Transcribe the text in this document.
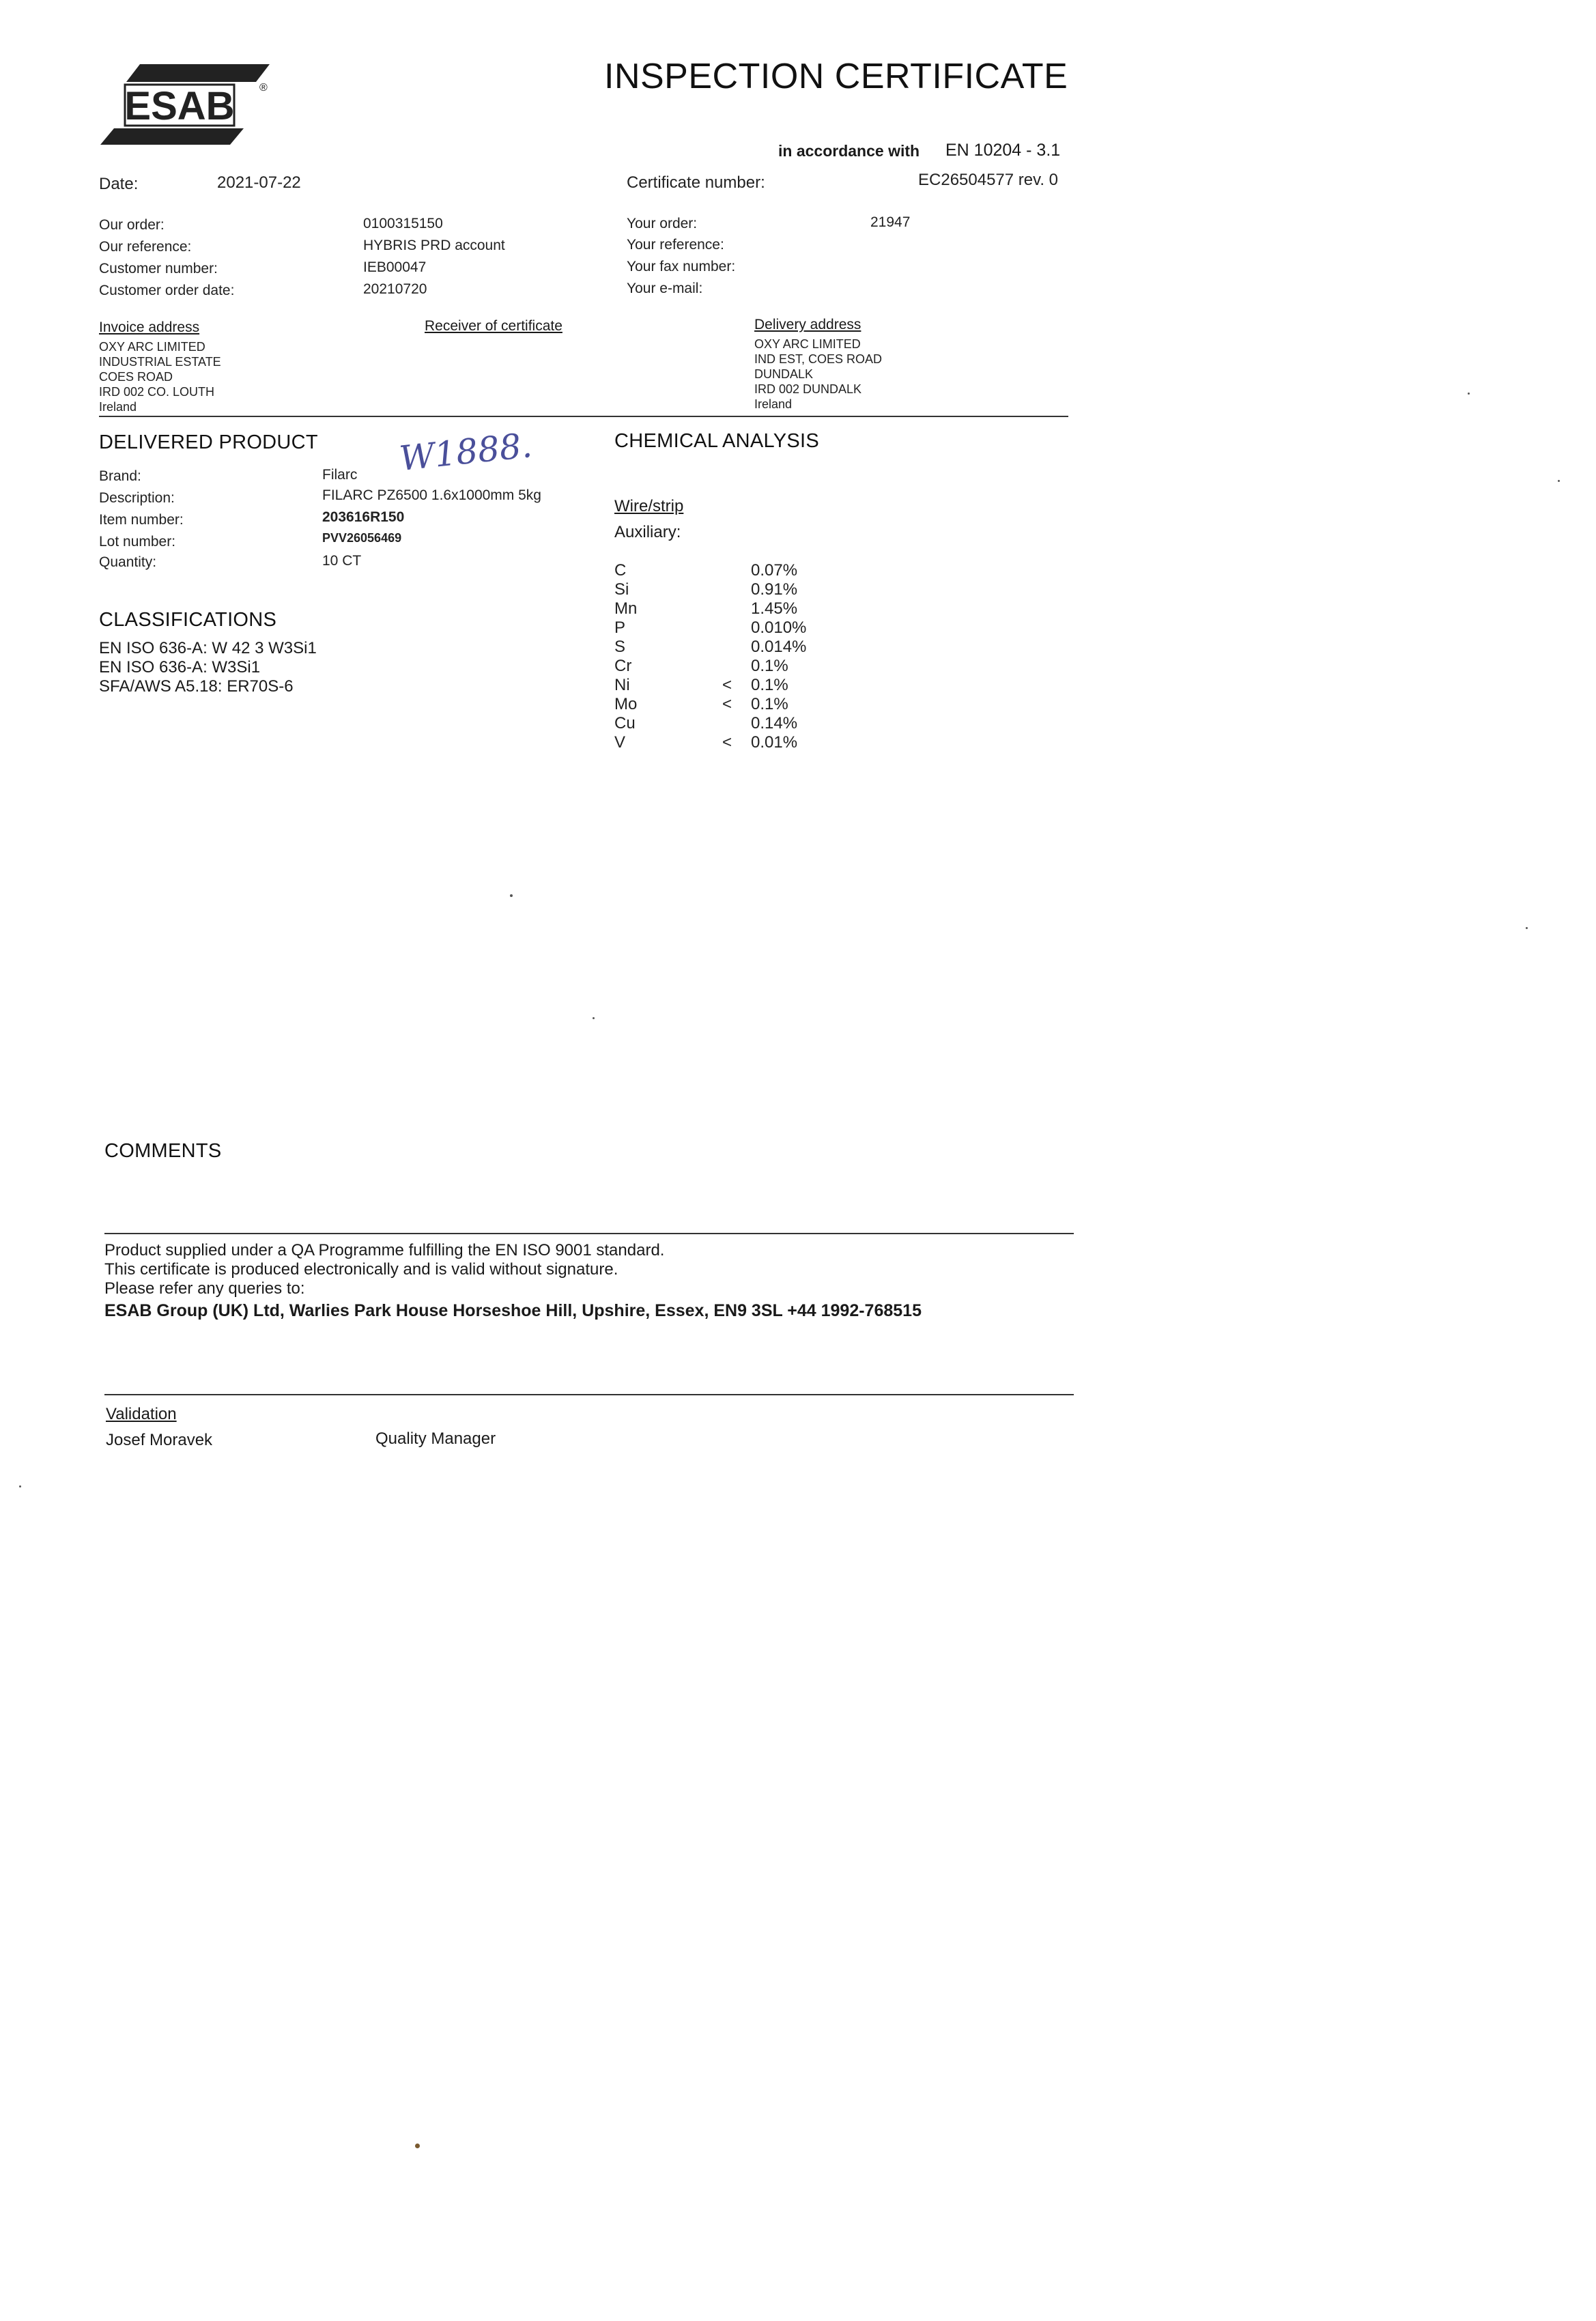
ESAB ®	INSPECTION CERTIFICATE
in accordance with EN 10204 - 3.1
Date:	2021-07-22	Certificate number:	EC26504577 rev. 0
Our order:	0100315150
Our reference:	HYBRIS PRD account
Customer number:	IEB00047
Customer order date:	20210720
Your order:	21947
Your reference:
Your fax number:
Your e-mail:
Invoice address
OXY ARC LIMITED
INDUSTRIAL ESTATE
COES ROAD
IRD 002 CO. LOUTH
Ireland
Receiver of certificate	Delivery address
OXY ARC LIMITED
IND EST, COES ROAD
DUNDALK
IRD 002 DUNDALK
Ireland
DELIVERED PRODUCT W1888.
Brand:	Filarc
Description:	FILARC PZ6500 1.6x1000mm 5kg
Item number:	203616R150
Lot number:	PVV26056469
Quantity:	10 CT
CLASSIFICATIONS
EN ISO 636-A: W 42 3 W3Si1
EN ISO 636-A: W3Si1
SFA/AWS A5.18: ER70S-6
CHEMICAL ANALYSIS
Wire/strip
Auxiliary:
C	0.07%
Si	0.91%
Mn	1.45%
P	0.010%
S	0.014%
Cr	0.1%
Ni	< 0.1%
Mo	< 0.1%
Cu	0.14%
V	< 0.01%
COMMENTS
Product supplied under a QA Programme fulfilling the EN ISO 9001 standard.
This certificate is produced electronically and is valid without signature.
Please refer any queries to:
ESAB Group (UK) Ltd, Warlies Park House Horseshoe Hill, Upshire, Essex, EN9 3SL +44 1992-768515
Validation
Josef Moravek	Quality Manager
